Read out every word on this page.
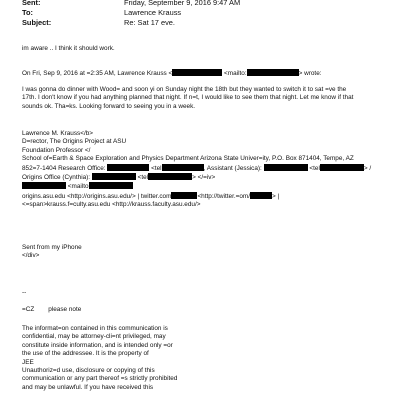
Sent:	Friday, September 9, 2016 9:47 AM
To:	Lawrence Krauss
Subject:	Re: Sat 17 eve.
im aware .. I think it should work.
On Fri, Sep 9, 2016 at =2:35 AM, Lawrence Krauss <	<mailto:	> wrote:
I was gonna do dinner with Wood= and soon yi on Sunday night the 18th but they wanted to switch it to sat =ve the
17th. I don't know if you had anything planned that night. If n=t, I would like to see them that night. Let me know if that
sounds ok. Tha=ks. Looking forward to seeing you in a week.
Lawrence M. Krauss</b>
D=rector, The Origins Project at ASU
Foundation Professor </
School of=Earth & Space Exploration and Physics Department Arizona State Univer=ity, P.O. Box 871404, Tempe, AZ
852=7-1404 Research Office:	<tel	, Assistant (Jessica):	<tel	> /
Origins Office (Cynthia):	<tel	> </=iv>
<mailto
origins.asu.edu <http://origins.asu.edu/> | twitter.com	<http://twitter.=om/	> |
<=span>krauss.f=culty.asu.edu <http://krauss.faculty.asu.edu/>
Sent from my iPhone
</div>
--
=CZ please note
The informat=on contained in this communication is
confidential, may be attorney-cli=nt privileged, may
constitute inside information, and is intended only =or
the use of the addressee. It is the property of
JEE
Unauthoriz=d use, disclosure or copying of this
communication or any part thereof =s strictly prohibited
and may be unlawful. If you have received this
